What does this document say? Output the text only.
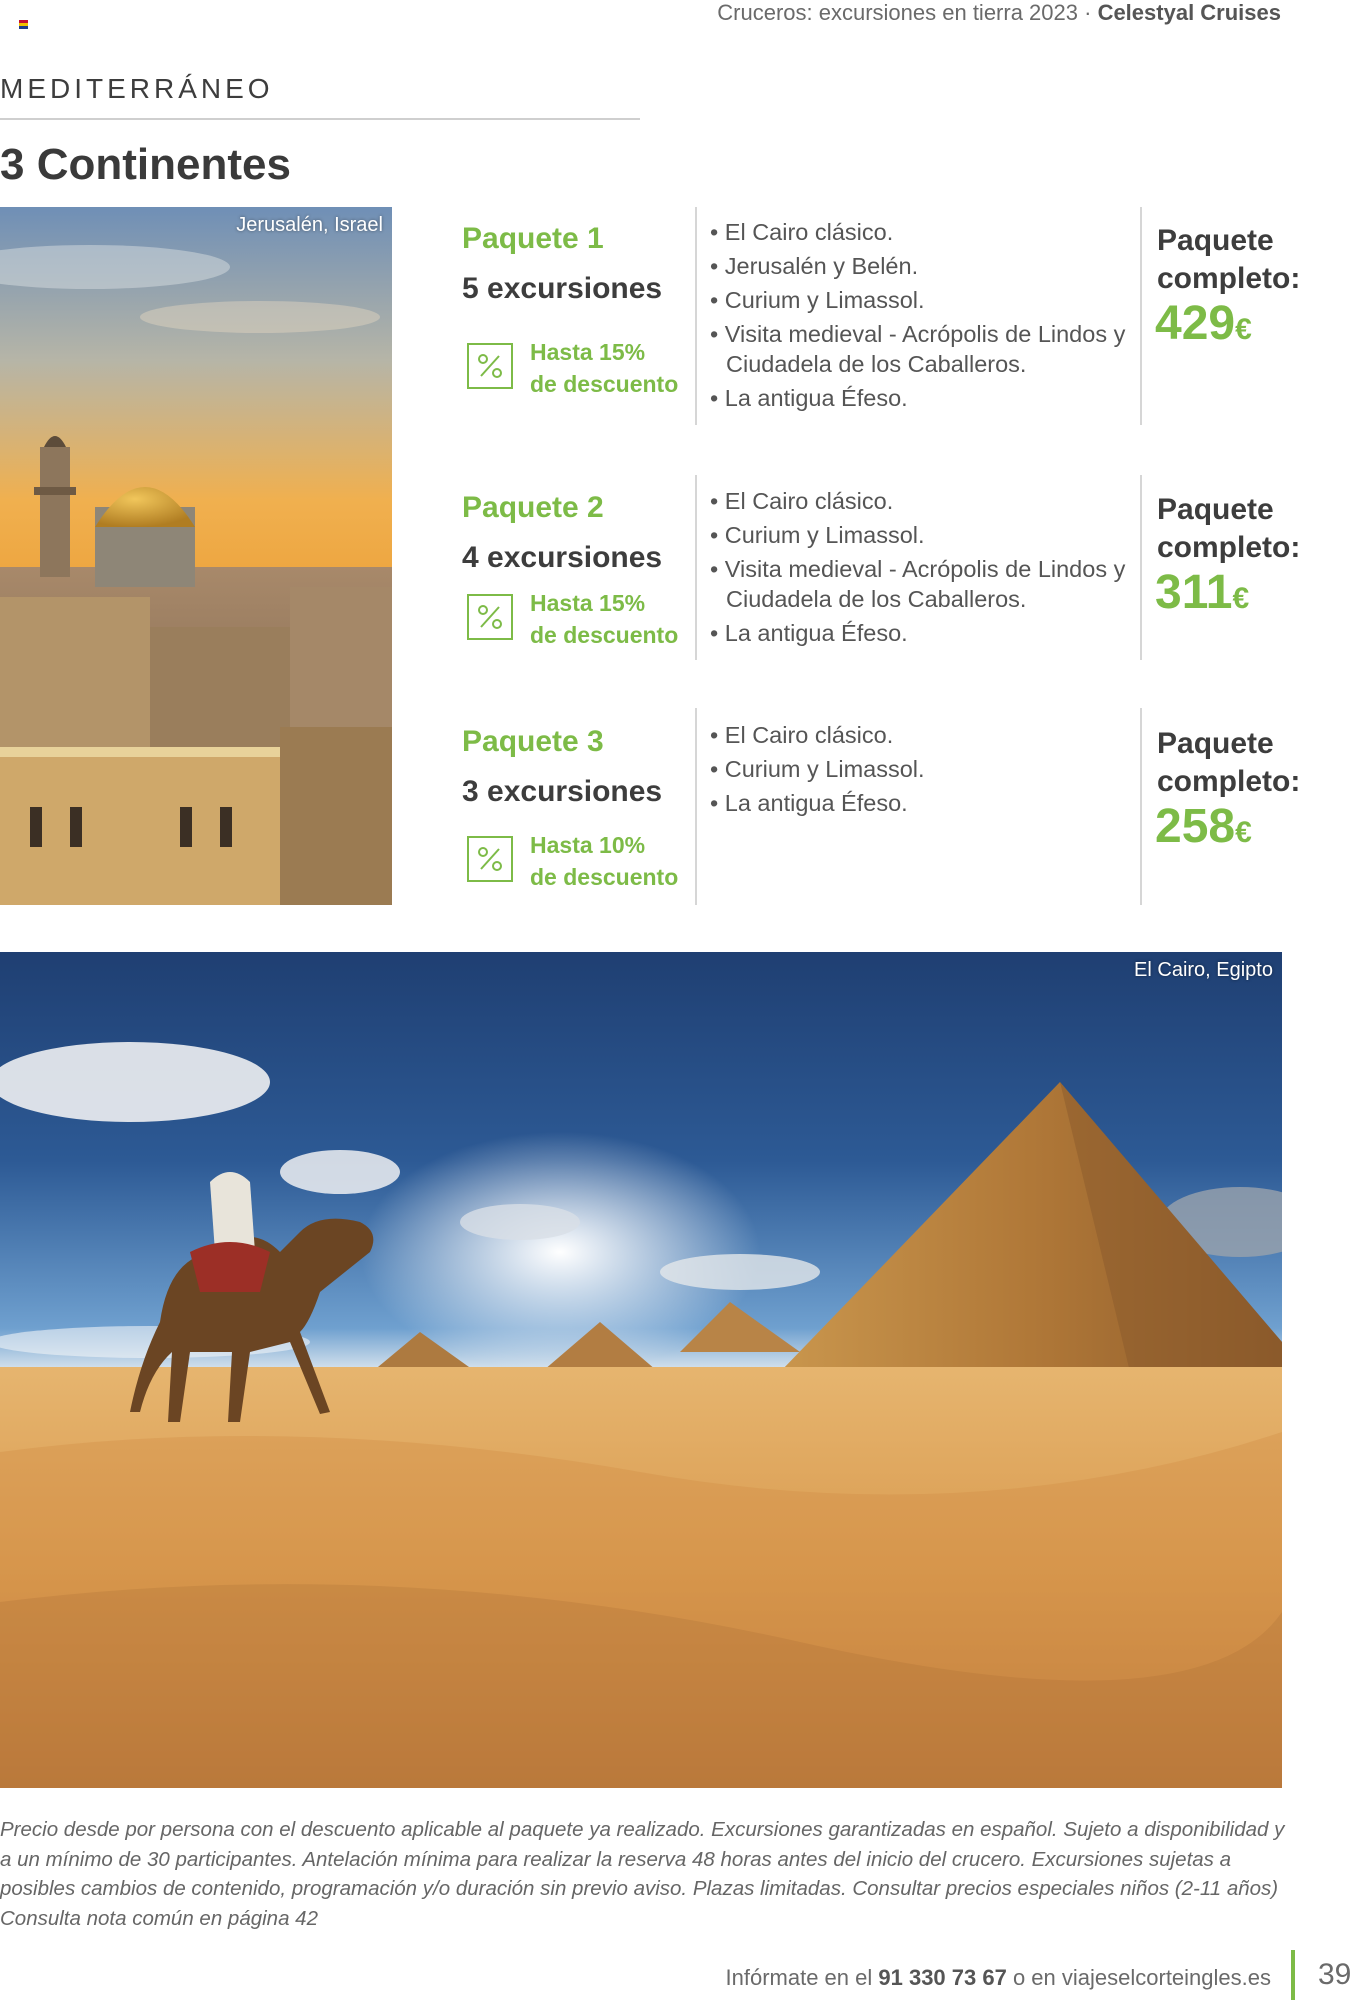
Cruceros: excursiones en tierra 2023 · Celestyal Cruises
MEDITERRÁNEO
3 Continentes
Jerusalén, Israel	Paquete 1
5 excursiones
Hasta 15%
de descuento
• El Cairo clásico.
• Jerusalén y Belén.
• Curium y Limassol.
• Visita medieval - Acrópolis de Lindos y Ciudadela de los Caballeros.
• La antigua Éfeso.
Paquete
completo:
429€
Paquete 2
4 excursiones
Hasta 15%
de descuento
• El Cairo clásico.
• Curium y Limassol.
• Visita medieval - Acrópolis de Lindos y Ciudadela de los Caballeros.
• La antigua Éfeso.
Paquete
completo:
311€
Paquete 3
3 excursiones
Hasta 10%
de descuento
• El Cairo clásico.
• Curium y Limassol.
• La antigua Éfeso.
Paquete
completo:
258€
El Cairo, Egipto
Precio desde por persona con el descuento aplicable al paquete ya realizado. Excursiones garantizadas en español. Sujeto a disponibilidad y a un mínimo de 30 participantes. Antelación mínima para realizar la reserva 48 horas antes del inicio del crucero. Excursiones sujetas a posibles cambios de contenido, programación y/o duración sin previo aviso. Plazas limitadas. Consultar precios especiales niños (2-11 años) Consulta nota común en página 42
Infórmate en el 91 330 73 67 o en viajeselcorteingles.es 39
